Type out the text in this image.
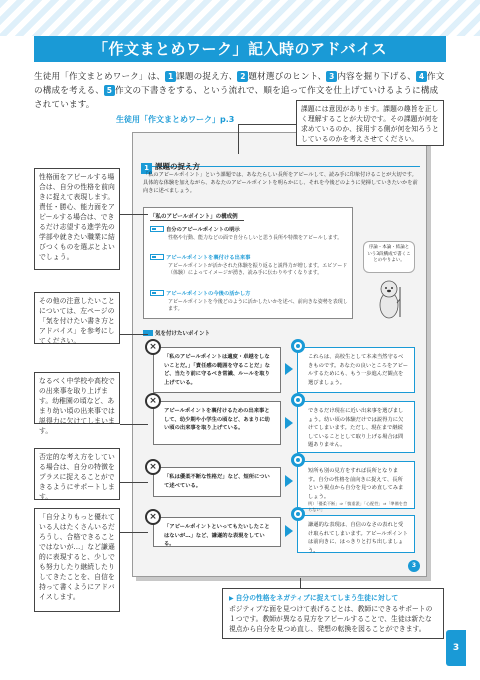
「作文まとめワーク」記入時のアドバイス
生徒用「作文まとめワーク」は、 1 課題の捉え方、 2 題材選びのヒント、 3 内容を掘り下げる、 4 作文の構成を考える、 5 作文の下書きをする、という流れで、順を追って作文を仕上げていけるように構成されています。
生徒用「作文まとめワーク」p.3
1 課題の捉え方
「私のアピールポイント」という課題では、あなたらしい長所をアピールして、読み手に印象付けることが大切です。具体的な体験を加えながら、あなたのアピールポイントを明らかにし、それを今後どのように発揮していきたいかを前向きに述べましょう。
「私のアピールポイント」の構成例
自分のアピールポイントの明示
性格や行動、能力などの面で自分らしいと思う長所や特徴をアピールします。
アピールポイントを裏付ける出来事
アピールポイントが活かされた体験を振り返ると説得力が増します。エピソード（体験）によってイメージが湧き、読み手に伝わりやすくなります。
アピールポイントの今後の活かし方
アピールポイントを今後どのように活かしたいかを述べ、前向きな姿勢を表現します。
序論・本論・結論という3段構成で書くことのやりよい。
気を付けたいポイント
「私のアピールポイントは適度・卓越をしないことだ。」「責任感の範囲を守ることだ」など、当たり前に守るべき常識、ルールを取り上げている。
×
これらは、高校生として本来当然守るべきものです。あなたの良いところをアピールするためにも、もう一歩進んだ観点を選びましょう。
アピールポイントを裏付けるための出来事として、幼少期や小学生の頃など、あまりに幼い頃の出来事を取り上げている。
×
できるだけ現在に近い出来事を選びましょう。幼い頃の体験だけでは説得力に欠けてしまいます。ただし、現在まで継続していることとして取り上げる場合は問題ありません。
「私は優柔不断な性格だ」など、短所について述べている。
×	短所も別の見方をすれば長所となります。自分の性格を前向きに捉えて、長所という視点から自分を見つめ直してみましょう。
例）「優柔不断」⇒「慎重派」「心配性」⇒「準備を怠らない」
「アピールポイントといってもたいしたことはないが…」など、謙遜的な表現をしている。
×
謙遜的な表現は、自信のなさの表れと受け取られてしまいます。アピールポイントは前向きに、はっきりと打ち出しましょう。
3
課題には意図があります。課題の趣旨を正しく理解することが大切です。その課題が何を求めているのか、採用する側が何を知ろうとしているのかを考えさせてください。
性格面をアピールする場合は、自分の性格を前向きに捉えて表現します。責任・勝心、能力面をアピールする場合は、できるだけ志望する進学先の学部や就きたい職業に結びつくものを選ぶとよいでしょう。
その他の注意したいことについては、左ページの「気を付けたい書き方とアドバイス」を参考にしてください。
なるべく中学校や高校での出来事を取り上げます。幼稚園の頃など、あまり幼い頃の出来事では説得力に欠けてしまいます。
否定的な考え方をしている場合は、自分の特徴をプラスに捉えることができるようにサポートします。
「自分よりもっと優れている人はたくさんいるだろうし、合格できることではないが…」など謙遜的に表現すると、少しでも努力したり継続したりしてきたことを、自信を持って書くようにアドバイスします。
▶	自分の性格をネガティブに捉えてしまう生徒に対して
ポジティブな面を見つけて表げることは、教師にできるサポートの１つです。教師が異なる見方をアピールすることで、生徒は新たな視点から自分を見つめ直し、発想の転換を図ることができます。
3
